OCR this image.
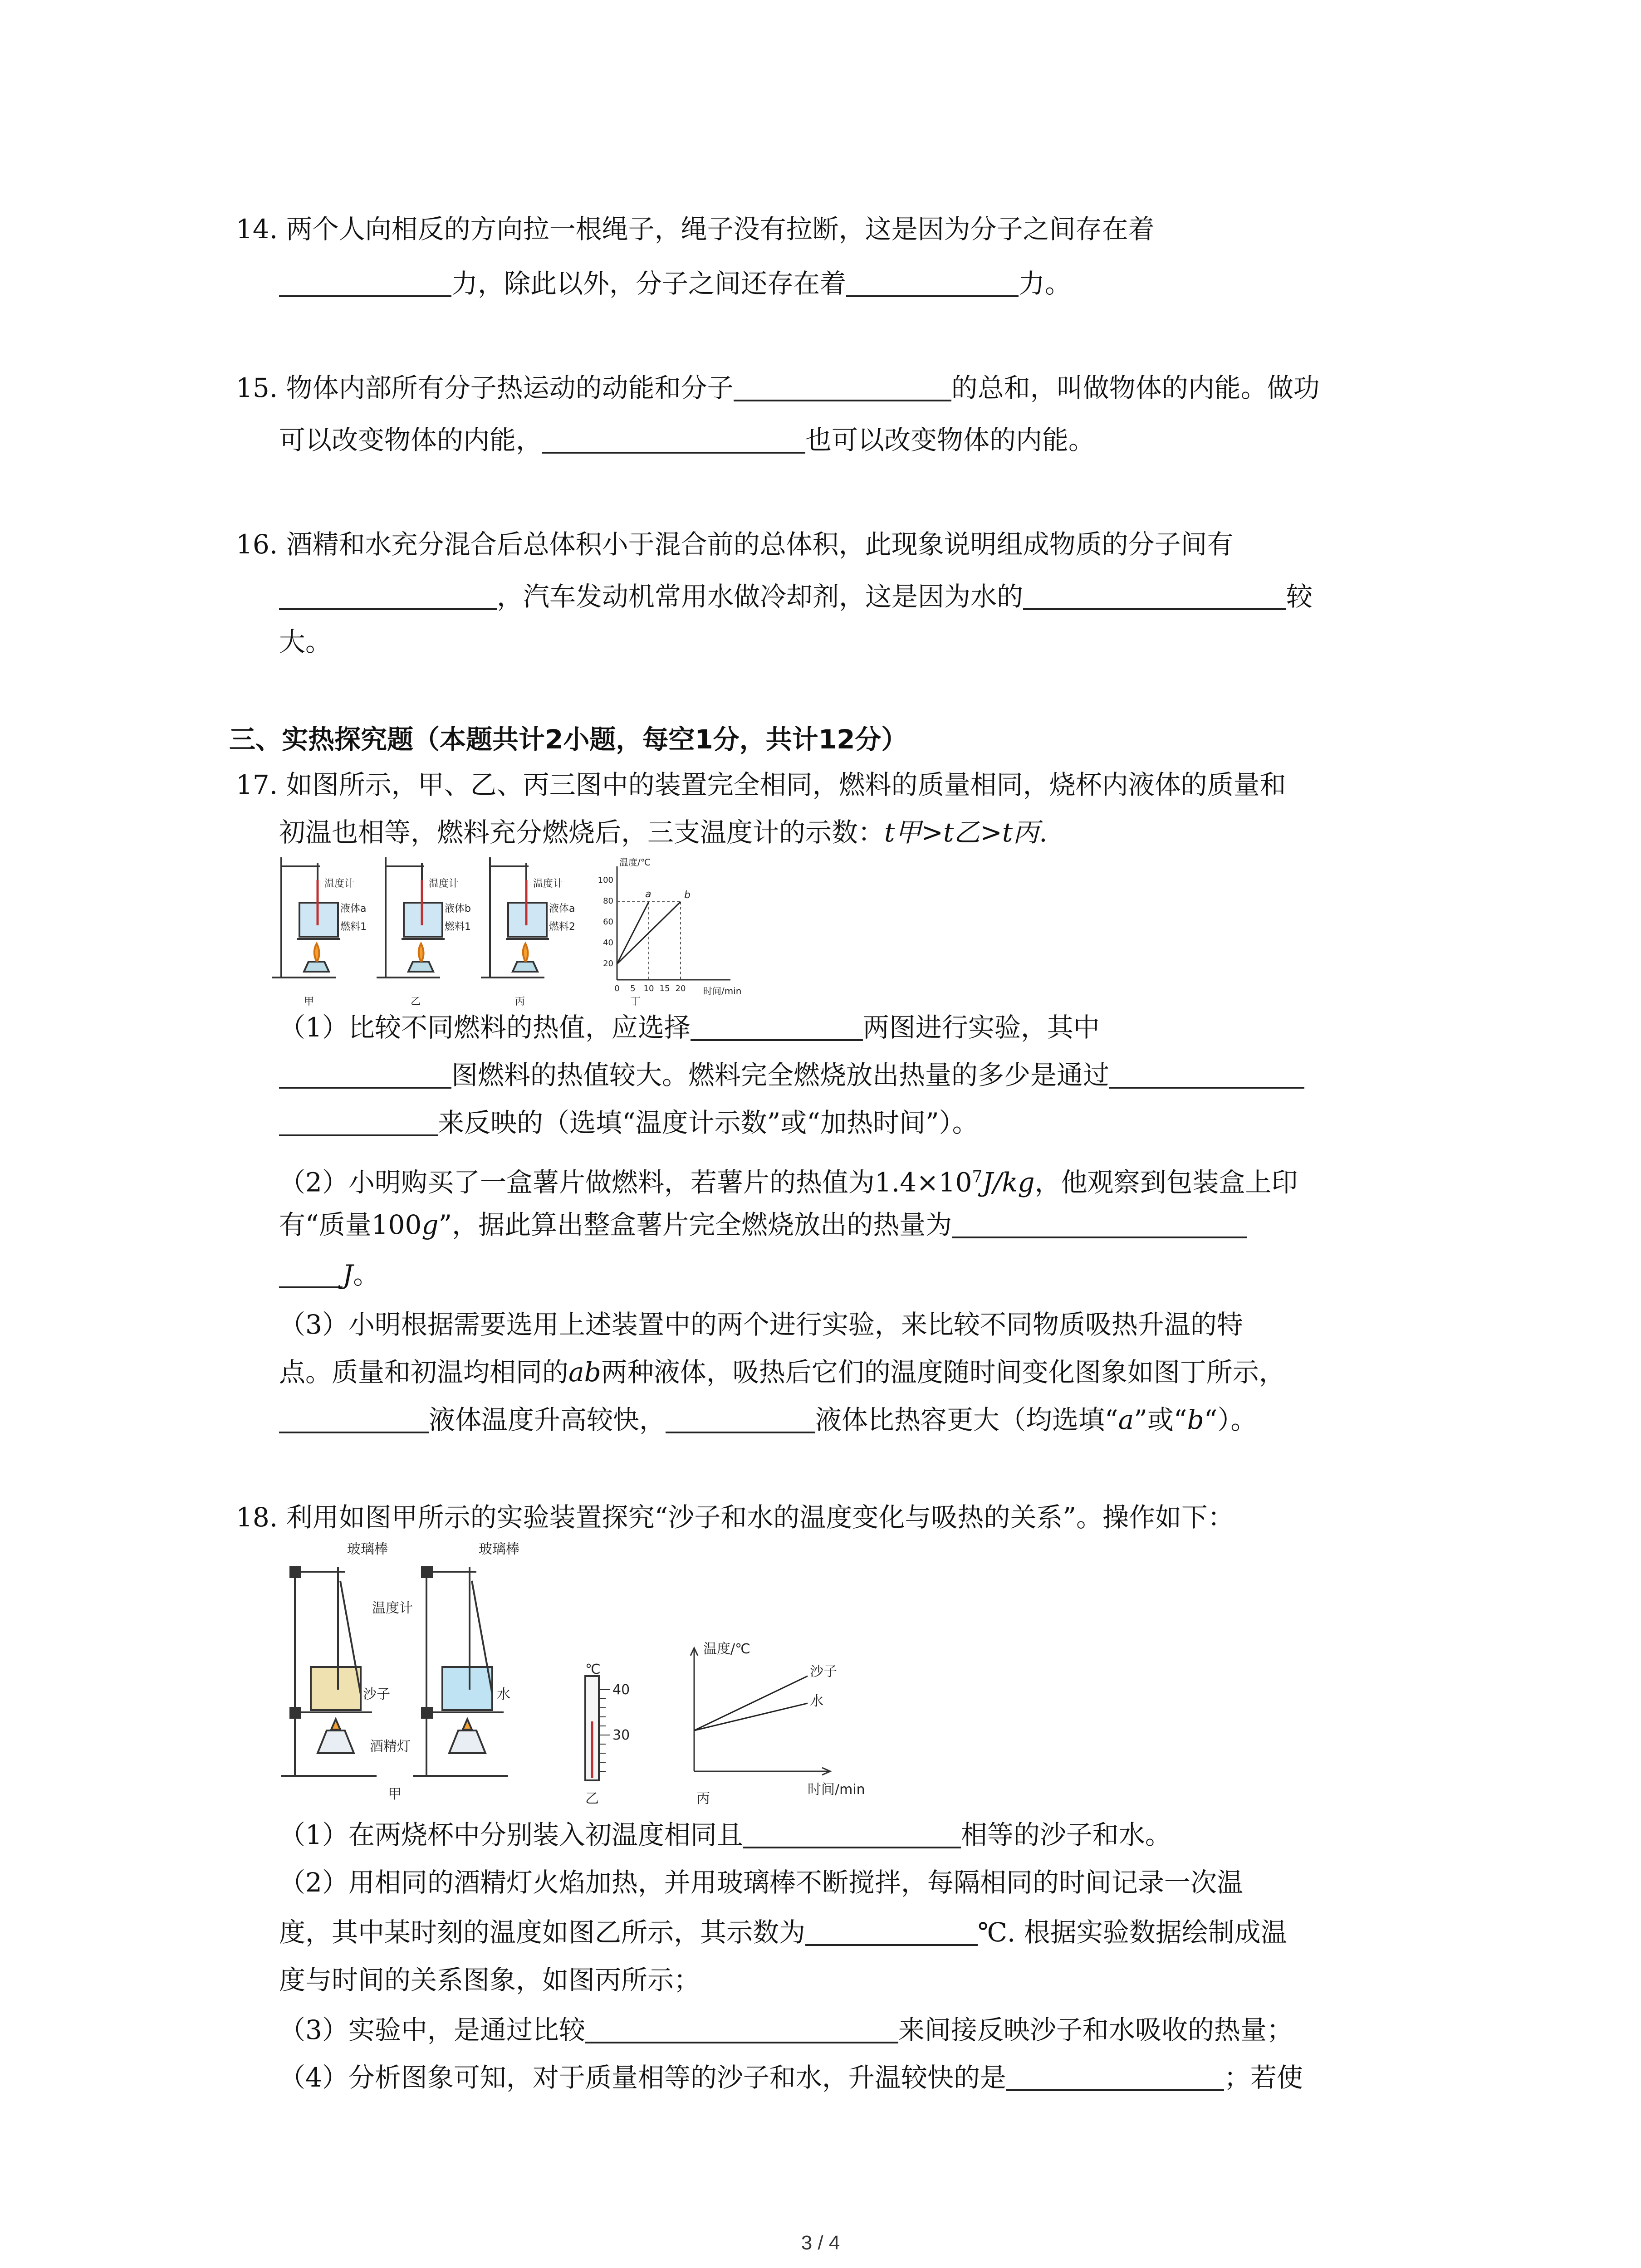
14. 两个人向相反的方向拉一根绳子，绳子没有拉断，这是因为分子之间存在着
力，除此以外，分子之间还存在着	力。
15. 物体内部所有分子热运动的动能和分子	的总和，叫做物体的内能。做功
可以改变物体的内能，	也可以改变物体的内能。
16. 酒精和水充分混合后总体积小于混合前的总体积，此现象说明组成物质的分子间有
，汽车发动机常用水做冷却剂，这是因为水的	较
大。
三、实热探究题（本题共计2小题，每空1分，共计12分）
17. 如图所示，甲、乙、丙三图中的装置完全相同，燃料的质量相同，烧杯内液体的质量和
初温也相等，燃料充分燃烧后，三支温度计的示数：t甲>t乙>t丙.
温度计
液体a
燃料1
温度计
液体b
燃料1
温度计
液体a
燃料2
甲	乙	丙	丁
温度/℃
时间/min
100
80
60
40
20
0 5 10 15 20
a	b
（1）比较不同燃料的热值，应选择	两图进行实验，其中
图燃料的热值较大。燃料完全燃烧放出热量的多少是通过
来反映的（选填“温度计示数”或“加热时间”）。
（2）小明购买了一盒薯片做燃料，若薯片的热值为$1.4\times 10^7J/kg$，他观察到包装盒上印
有“质量100g”，据此算出整盒薯片完全燃烧放出的热量为
J。
（3）小明根据需要选用上述装置中的两个进行实验，来比较不同物质吸热升温的特
点。质量和初温均相同的ab两种液体，吸热后它们的温度随时间变化图象如图丁所示，
液体温度升高较快，	液体比热容更大（均选填“a”或“b“）。
18. 利用如图甲所示的实验装置探究“沙子和水的温度变化与吸热的关系”。操作如下：
玻璃棒	玻璃棒
温度计
沙子	水
酒精灯
甲	乙	丙
℃
40
30
温度/℃
时间/min
沙子
水
（1）在两烧杯中分别装入初温度相同且	相等的沙子和水。
（2）用相同的酒精灯火焰加热，并用玻璃棒不断搅拌，每隔相同的时间记录一次温
度，其中某时刻的温度如图乙所示，其示数为	℃. 根据实验数据绘制成温
度与时间的关系图象，如图丙所示；
（3）实验中，是通过比较	来间接反映沙子和水吸收的热量；
（4）分析图象可知，对于质量相等的沙子和水，升温较快的是	；若使
3 / 4
